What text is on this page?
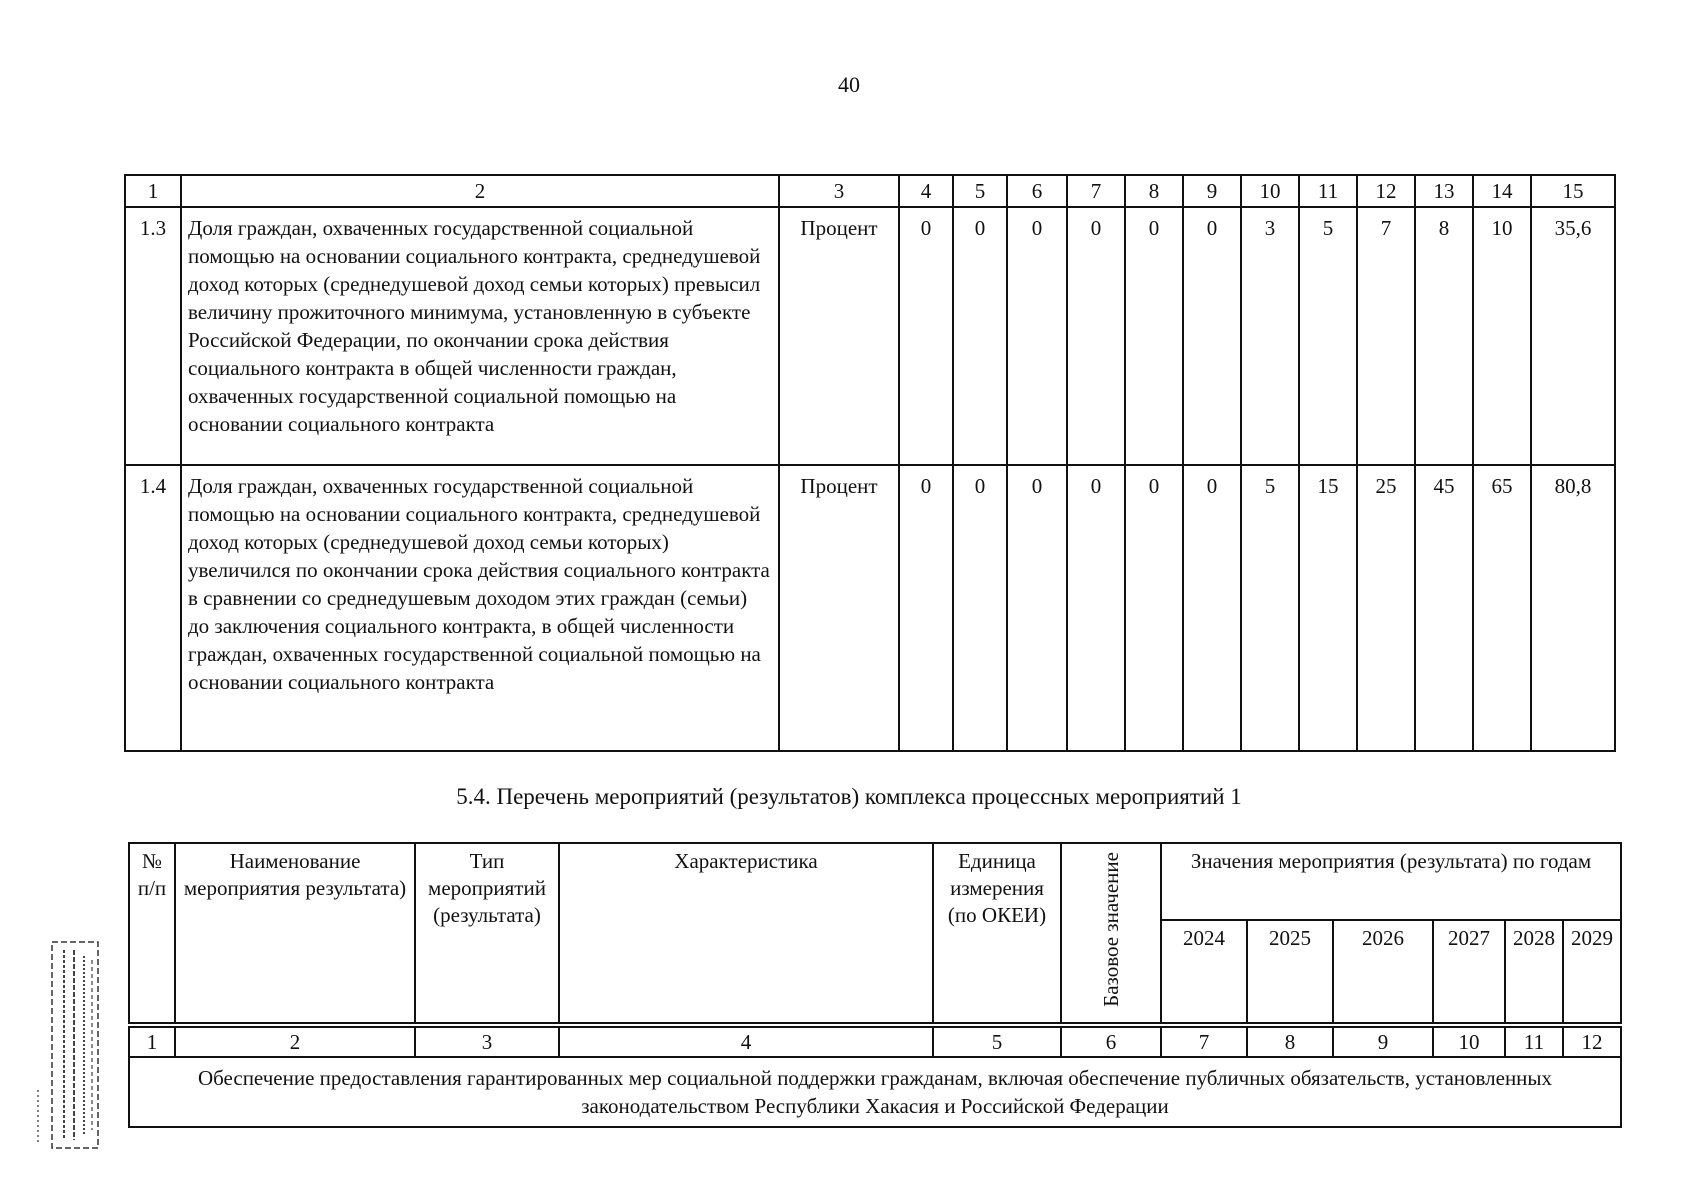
40
1	2	3	4	5	6	7	8	9	10	11	12	13	14	15
1.3	Доля граждан, охваченных государственной социальной помощью на основании социального контракта, среднедушевой доход которых (среднедушевой доход семьи которых) превысил величину прожиточного минимума, установленную в субъекте Российской Федерации, по окончании срока действия социального контракта в общей численности граждан, охваченных государственной социальной помощью на основании социального контракта	Процент	0	0	0	0	0	0	3	5	7	8	10	35,6
1.4	Доля граждан, охваченных государственной социальной помощью на основании социального контракта, среднедушевой доход которых (среднедушевой доход семьи которых) увеличился по окончании срока действия социального контракта в сравнении со среднедушевым доходом этих граждан (семьи) до заключения социального контракта, в общей численности граждан, охваченных государственной социальной помощью на основании социального контракта	Процент	0	0	0	0	0	0	5	15	25	45	65	80,8
5.4. Перечень мероприятий (результатов) комплекса процессных мероприятий 1
№ п/п	Наименование мероприятия результата)	Тип мероприятий (результата)	Характеристика	Единица измерения (по ОКЕИ)	Базовое значение	Значения мероприятия (результата) по годам					
						2024	2025	2026	2027	2028	2029

1	2	3	4	5	6	7	8	9	10	11	12
Обеспечение предоставления гарантированных мер социальной поддержки гражданам, включая обеспечение публичных обязательств, установленных законодательством Республики Хакасия и Российской Федерации											
